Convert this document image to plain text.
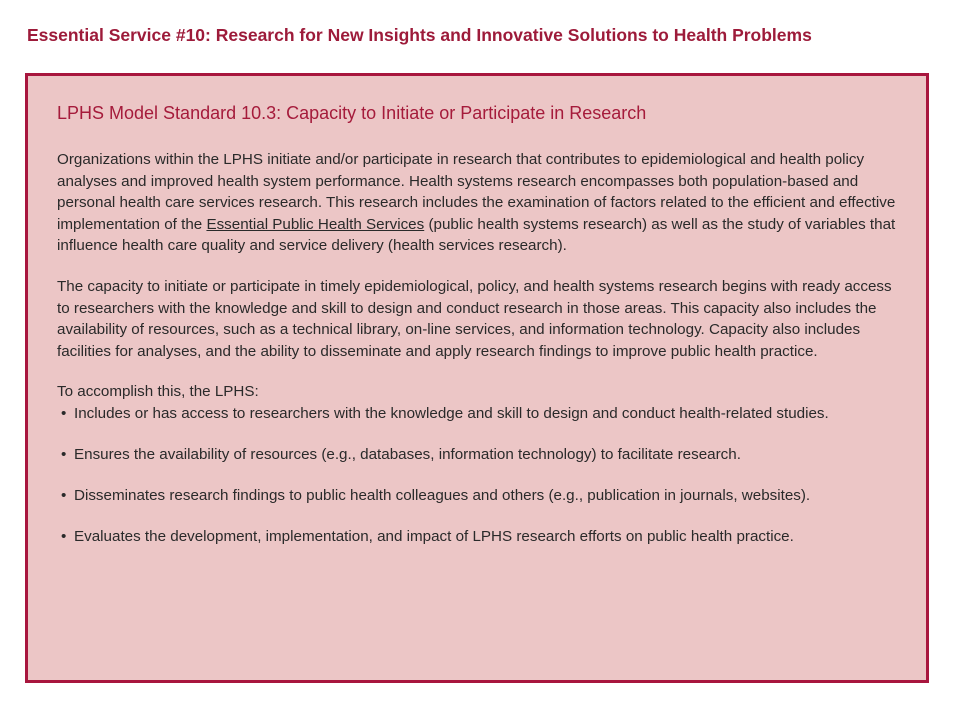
Essential Service #10: Research for New Insights and Innovative Solutions to Health Problems
LPHS Model Standard 10.3: Capacity to Initiate or Participate in Research

Organizations within the LPHS initiate and/or participate in research that contributes to epidemiological and health policy analyses and improved health system performance. Health systems research encompasses both population-based and personal health care services research. This research includes the examination of factors related to the efficient and effective implementation of the Essential Public Health Services (public health systems research) as well as the study of variables that influence health care quality and service delivery (health services research).

The capacity to initiate or participate in timely epidemiological, policy, and health systems research begins with ready access to researchers with the knowledge and skill to design and conduct research in those areas. This capacity also includes the availability of resources, such as a technical library, on-line services, and information technology. Capacity also includes facilities for analyses, and the ability to disseminate and apply research findings to improve public health practice.

To accomplish this, the LPHS:

• Includes or has access to researchers with the knowledge and skill to design and conduct health-related studies.
• Ensures the availability of resources (e.g., databases, information technology) to facilitate research.
• Disseminates research findings to public health colleagues and others (e.g., publication in journals, websites).
• Evaluates the development, implementation, and impact of LPHS research efforts on public health practice.
